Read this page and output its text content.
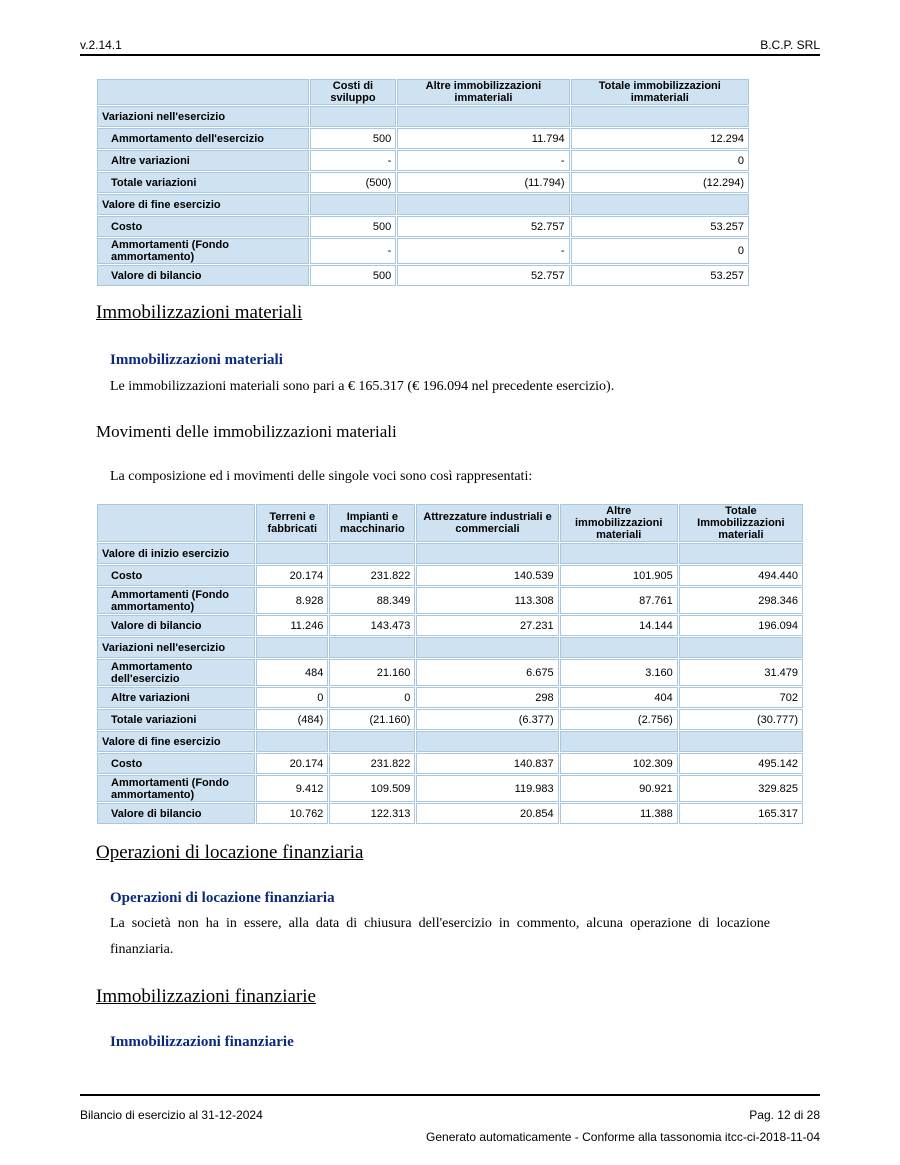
v.2.14.1	B.C.P. SRL
	Costi di sviluppo	Altre immobilizzazioni immateriali	Totale immobilizzazioni immateriali
Variazioni nell'esercizio			
Ammortamento dell'esercizio	500	11.794	12.294
Altre variazioni	-	-	0
Totale variazioni	(500)	(11.794)	(12.294)
Valore di fine esercizio			
Costo	500	52.757	53.257
Ammortamenti (Fondo ammortamento)	-	-	0
Valore di bilancio	500	52.757	53.257
Immobilizzazioni materiali
Immobilizzazioni materiali
Le immobilizzazioni materiali sono pari a € 165.317 (€ 196.094 nel precedente esercizio).
Movimenti delle immobilizzazioni materiali
La composizione ed i movimenti delle singole voci sono così rappresentati:
	Terreni e fabbricati	Impianti e macchinario	Attrezzature industriali e commerciali	Altre immobilizzazioni materiali	Totale Immobilizzazioni materiali
Valore di inizio esercizio					
Costo	20.174	231.822	140.539	101.905	494.440
Ammortamenti (Fondo ammortamento)	8.928	88.349	113.308	87.761	298.346
Valore di bilancio	11.246	143.473	27.231	14.144	196.094
Variazioni nell'esercizio					
Ammortamento dell'esercizio	484	21.160	6.675	3.160	31.479
Altre variazioni	0	0	298	404	702
Totale variazioni	(484)	(21.160)	(6.377)	(2.756)	(30.777)
Valore di fine esercizio					
Costo	20.174	231.822	140.837	102.309	495.142
Ammortamenti (Fondo ammortamento)	9.412	109.509	119.983	90.921	329.825
Valore di bilancio	10.762	122.313	20.854	11.388	165.317
Operazioni di locazione finanziaria
Operazioni di locazione finanziaria
La società non ha in essere, alla data di chiusura dell'esercizio in commento, alcuna operazione di locazione finanziaria.
Immobilizzazioni finanziarie
Immobilizzazioni finanziarie
Bilancio di esercizio al 31-12-2024	Pag. 12 di 28
Generato automaticamente - Conforme alla tassonomia itcc-ci-2018-11-04
